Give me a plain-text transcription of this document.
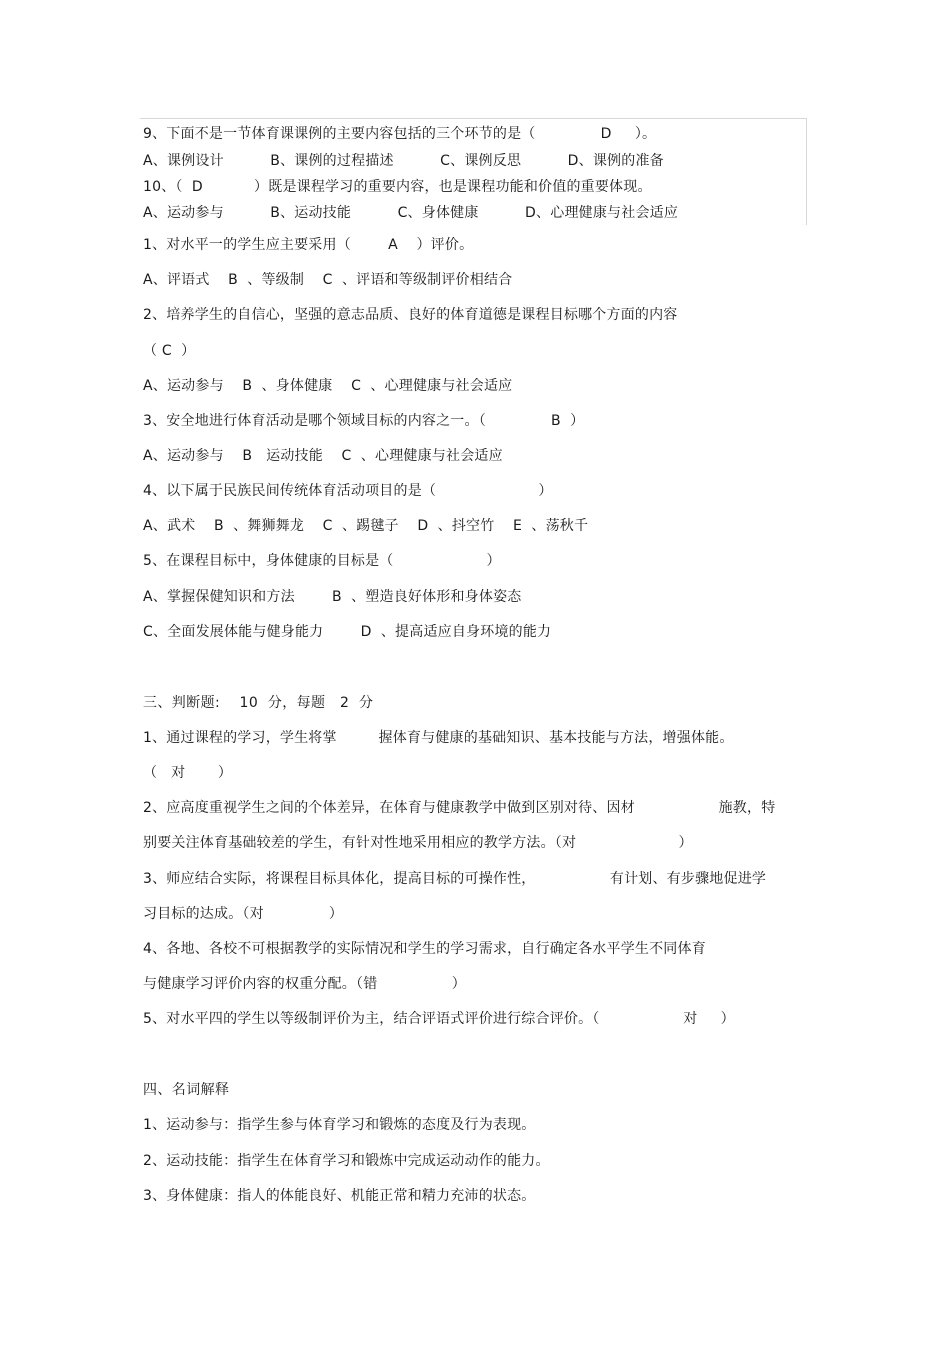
9、下面不是一节体育课课例的主要内容包括的三个环节的是（              D     ）。
A、课例设计          B、课例的过程描述          C、课例反思          D、课例的准备
10、（  D           ）既是课程学习的重要内容，也是课程功能和价值的重要体现。
A、运动参与          B、运动技能          C、身体健康          D、心理健康与社会适应
1、对水平一的学生应主要采用（        A    ）评价。
A、评语式    B  、等级制    C  、评语和等级制评价相结合
2、培养学生的自信心，坚强的意志品质、良好的体育道德是课程目标哪个方面的内容
（ C  ）
A、运动参与    B  、身体健康    C  、心理健康与社会适应
3、安全地进行体育活动是哪个领域目标的内容之一。（              B  ）
A、运动参与    B   运动技能    C  、心理健康与社会适应
4、以下属于民族民间传统体育活动项目的是（                      ）
A、武术    B  、舞狮舞龙    C  、踢毽子    D  、抖空竹    E  、荡秋千
5、在课程目标中，身体健康的目标是（                    ）
A、掌握保健知识和方法        B  、塑造良好体形和身体姿态
C、全面发展体能与健身能力        D  、提高适应自身环境的能力
三、判断题:    10  分，每题   2  分
1、通过课程的学习，学生将掌         握体育与健康的基础知识、基本技能与方法，增强体能。
（   对       ）
2、应高度重视学生之间的个体差异，在体育与健康教学中做到区别对待、因材                  施教，特
别要关注体育基础较差的学生，有针对性地采用相应的教学方法。（对                      ）
3、师应结合实际，将课程目标具体化，提高目标的可操作性，                有计划、有步骤地促进学
习目标的达成。（对              ）
4、各地、各校不可根据教学的实际情况和学生的学习需求，自行确定各水平学生不同体育
与健康学习评价内容的权重分配。（错                ）
5、对水平四的学生以等级制评价为主，结合评语式评价进行综合评价。（                  对     ）
四、名词解释
1、运动参与：指学生参与体育学习和锻炼的态度及行为表现。
2、运动技能：指学生在体育学习和锻炼中完成运动动作的能力。
3、身体健康：指人的体能良好、机能正常和精力充沛的状态。
